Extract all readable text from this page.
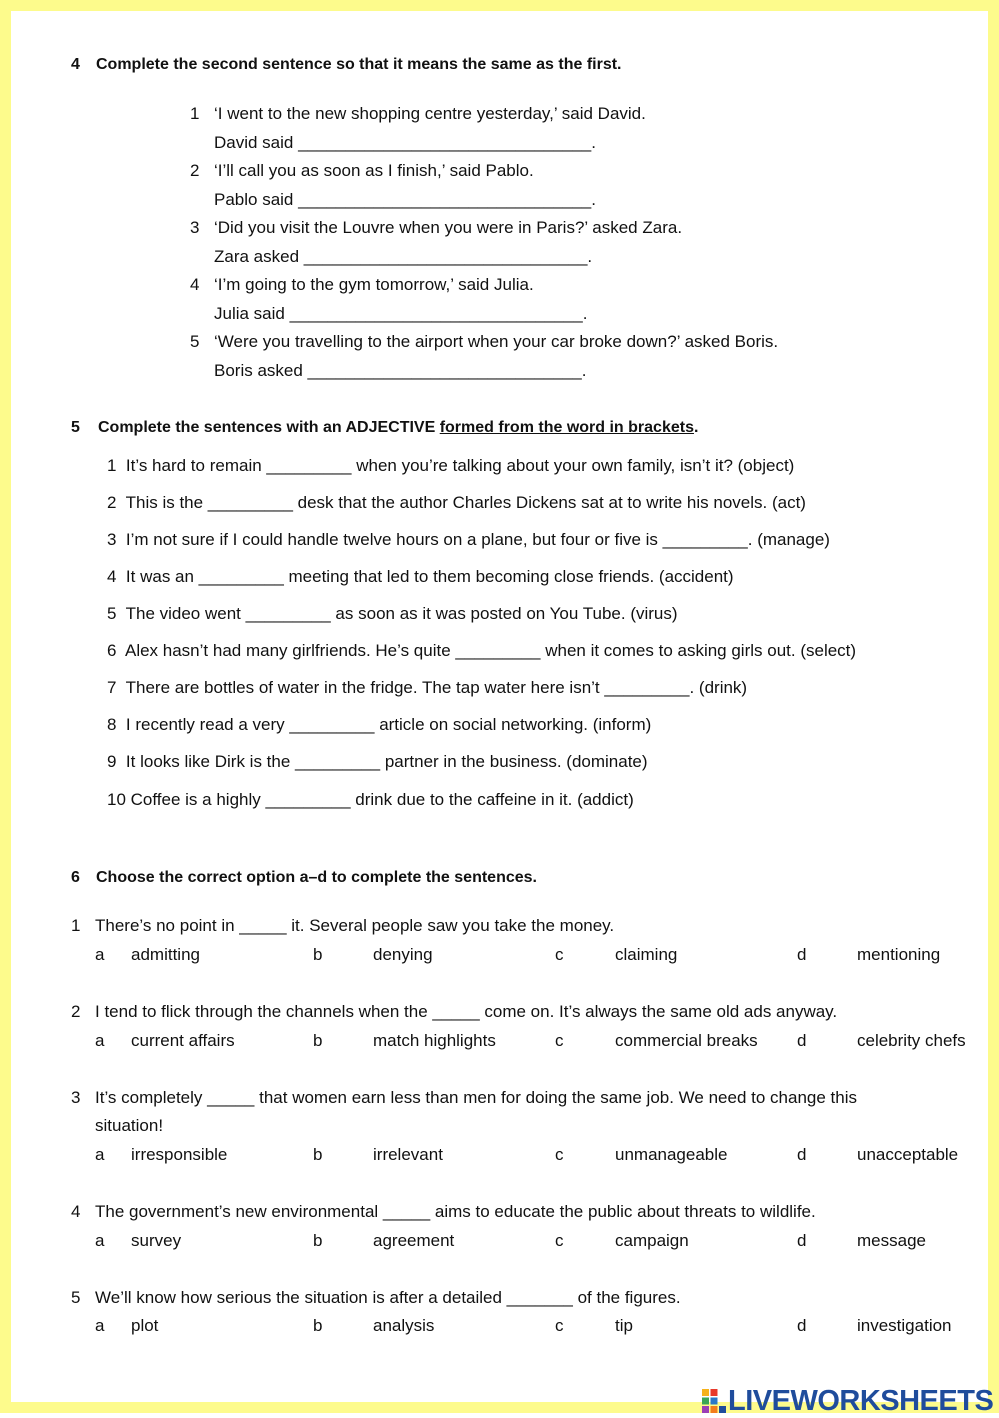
4 Complete the second sentence so that it means the same as the first.
1 ‘I went to the new shopping centre yesterday,’ said David.
David said _______________________________.
2 ‘I’ll call you as soon as I finish,’ said Pablo.
Pablo said _______________________________.
3 ‘Did you visit the Louvre when you were in Paris?’ asked Zara.
Zara asked ______________________________.
4 ‘I’m going to the gym tomorrow,’ said Julia.
Julia said _______________________________.
5 ‘Were you travelling to the airport when your car broke down?’ asked Boris.
Boris asked _____________________________.
5 Complete the sentences with an ADJECTIVE formed from the word in brackets.
1 It’s hard to remain _________ when you’re talking about your own family, isn’t it? (object)
2 This is the _________ desk that the author Charles Dickens sat at to write his novels. (act)
3 I’m not sure if I could handle twelve hours on a plane, but four or five is _________. (manage)
4 It was an _________ meeting that led to them becoming close friends. (accident)
5 The video went _________ as soon as it was posted on You Tube. (virus)
6 Alex hasn’t had many girlfriends. He’s quite _________ when it comes to asking girls out. (select)
7 There are bottles of water in the fridge. The tap water here isn’t _________. (drink)
8 I recently read a very _________ article on social networking. (inform)
9 It looks like Dirk is the _________ partner in the business. (dominate)
10 Coffee is a highly _________ drink due to the caffeine in it. (addict)
6 Choose the correct option a–d to complete the sentences.
1 There’s no point in _____ it. Several people saw you take the money.
a admitting	b	denying	c	claiming	d	mentioning
2 I tend to flick through the channels when the _____ come on. It’s always the same old ads anyway.
a current affairs	b	match highlights	c	commercial breaks d	celebrity chefs
3 It’s completely _____ that women earn less than men for doing the same job. We need to change this
situation!
a irresponsible	b	irrelevant	c	unmanageable	d	unacceptable
4 The government’s new environmental _____ aims to educate the public about threats to wildlife.
a survey	b	agreement	c	campaign	d	message
5 We’ll know how serious the situation is after a detailed _______ of the figures.
a plot	b	analysis	c	tip	d	investigation
LIVEWORKSHEETS
